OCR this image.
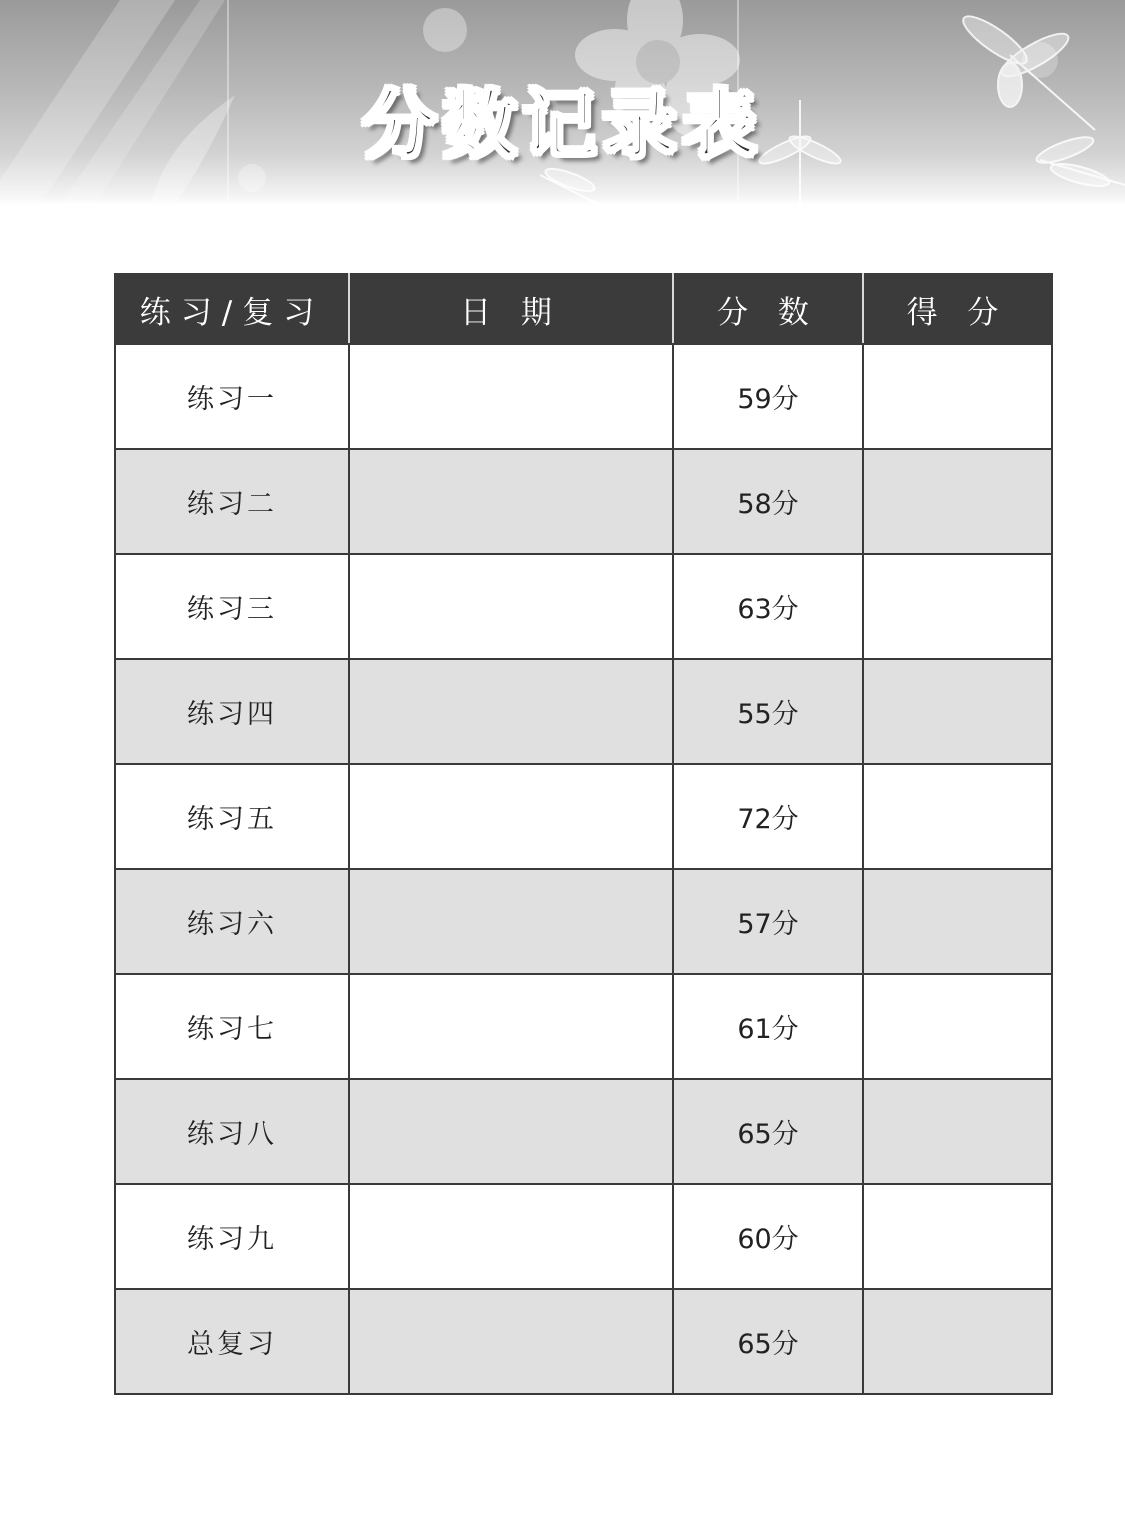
分数记录表
练习/复习	日 期	分 数	得 分
练习一		59分	
练习二		58分	
练习三		63分	
练习四		55分	
练习五		72分	
练习六		57分	
练习七		61分	
练习八		65分	
练习九		60分	
总复习		65分	
